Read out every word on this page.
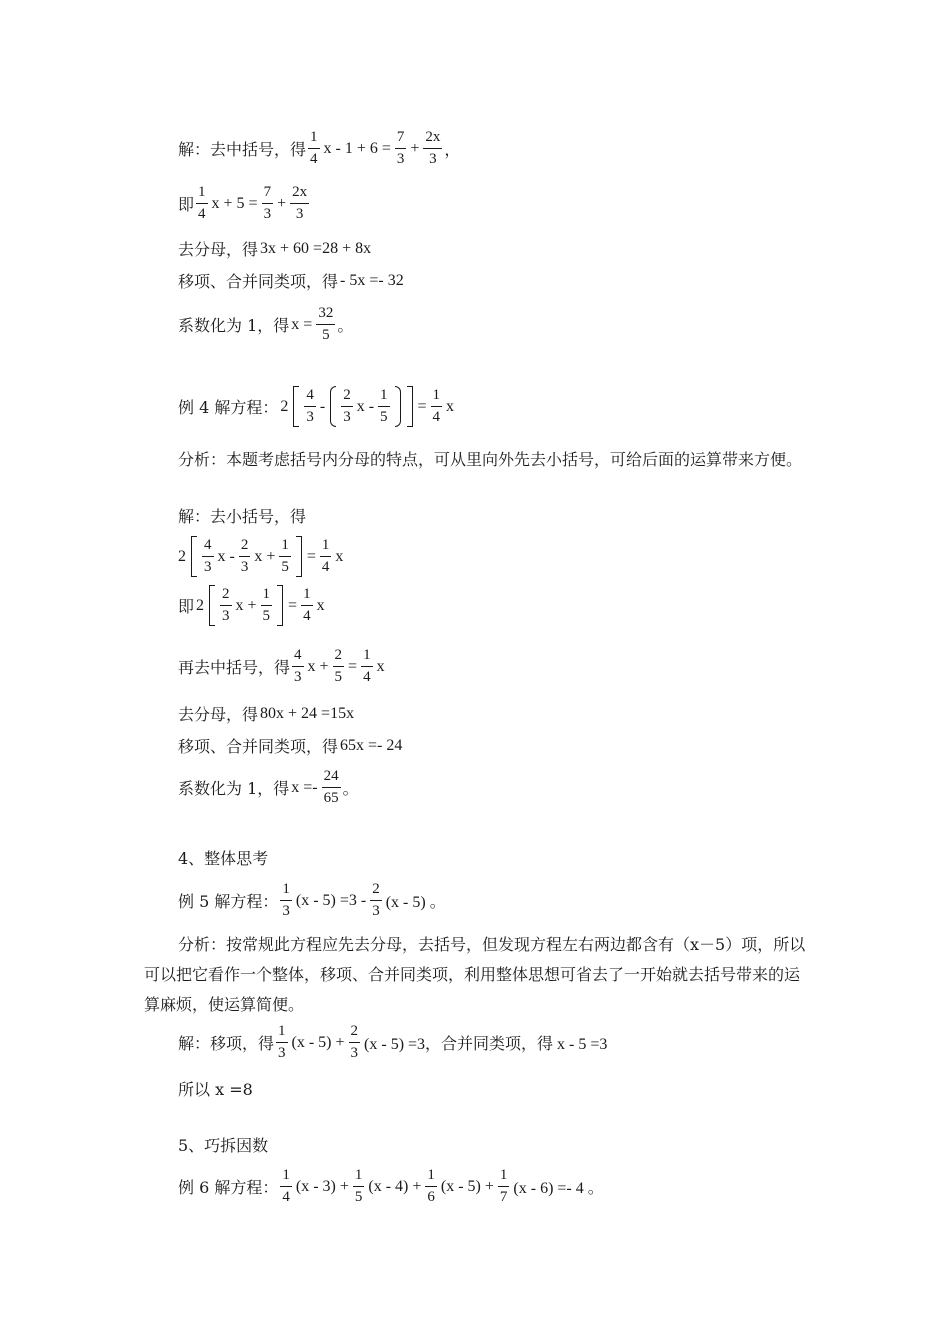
解：去中括号，得 $\frac{1}{4}$ $x - 1 + 6 = \frac{7}{3} + \frac{2x}{3}$ ，
即 $\frac{1}{4}$ $x + 5 = \frac{7}{3} + \frac{2x}{3}$
去分母，得 3x + 60 =28 + 8x
移项、合并同类项，得 - 5x =- 32
系数化为 1，得 $x = \frac{32}{5}$ 。
例 4 解方程： $2 \frac{4}{3} - \frac{2}{3}$ $x - \frac{1}{5} = \frac{1}{4}$ x
分析：本题考虑括号内分母的特点，可从里向外先去小括号，可给后面的运算带来方便。
解：去小括号，得
$2 \frac{4}{3}$ x - $\frac{2}{3}$ $x + \frac{1}{5} = \frac{1}{4}$ x
即 $2 \frac{2}{3}$ $x + \frac{1}{5} = \frac{1}{4}$ x
再去中括号，得 $\frac{4}{3}$ $x + \frac{2}{5} = \frac{1}{4}$ x
去分母，得 80x + 24 =15x
移项、合并同类项，得 65x =- 24
系数化为 1，得 $x =- \frac{24}{65}$ 。
4、整体思考
例 5 解方程： $\frac{1}{3} (x - 5) =3 - \frac{2}{3} (x - 5)$ 。
分析：按常规此方程应先去分母，去括号，但发现方程左右两边都含有（x－5）项，所以可以把它看作一个整体，移项、合并同类项，利用整体思想可省去了一开始就去括号带来的运算麻烦，使运算简便。
解：移项，得 $\frac{1}{3} (x - 5) + \frac{2}{3} (x - 5) =3$，合并同类项，得 x - 5 =3
所以 x =8
5、巧拆因数
例 6 解方程： $\frac{1}{4} (x - 3) + \frac{1}{5} (x - 4) + \frac{1}{6} (x - 5) + \frac{1}{7} (x - 6) =- 4$ 。
